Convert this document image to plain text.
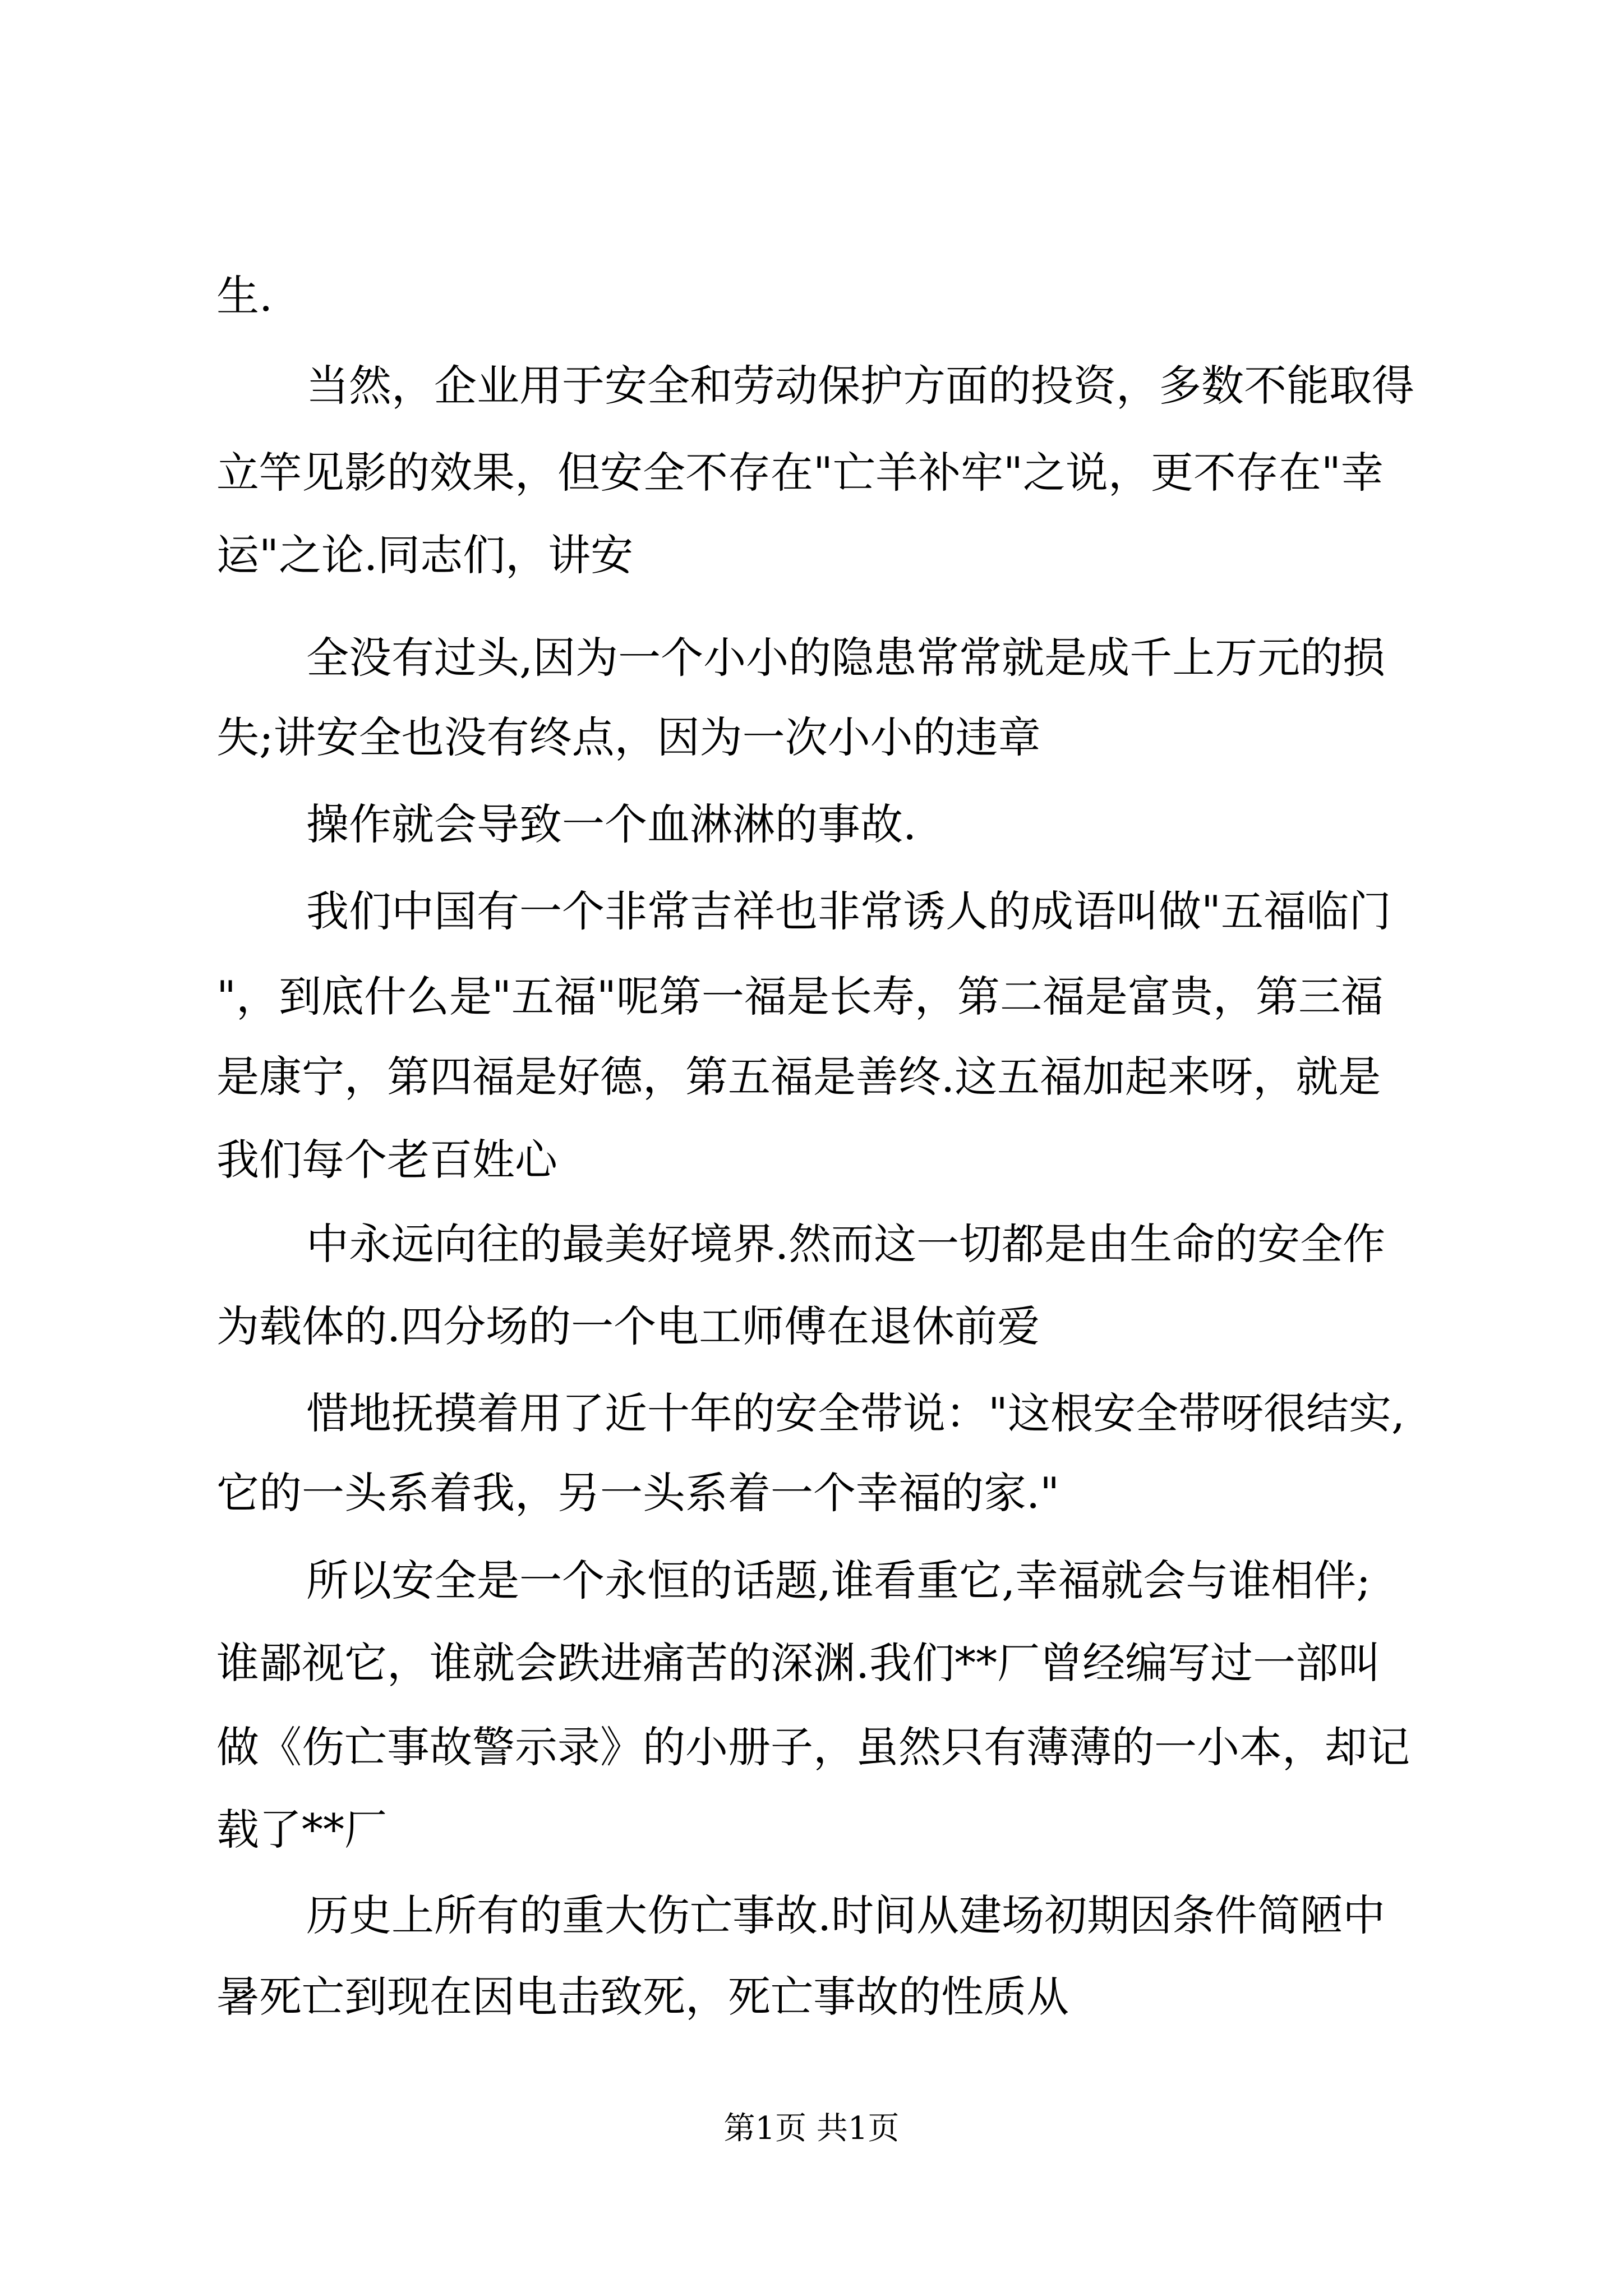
生.
当然，企业用于安全和劳动保护方面的投资，多数不能取得
立竿见影的效果，但安全不存在"亡羊补牢"之说，更不存在"幸
运"之论.同志们，讲安
全没有过头,因为一个小小的隐患常常就是成千上万元的损
失;讲安全也没有终点，因为一次小小的违章
操作就会导致一个血淋淋的事故.
我们中国有一个非常吉祥也非常诱人的成语叫做"五福临门
"，到底什么是"五福"呢第一福是长寿，第二福是富贵，第三福
是康宁，第四福是好德，第五福是善终.这五福加起来呀，就是
我们每个老百姓心
中永远向往的最美好境界.然而这一切都是由生命的安全作
为载体的.四分场的一个电工师傅在退休前爱
惜地抚摸着用了近十年的安全带说："这根安全带呀很结实,
它的一头系着我，另一头系着一个幸福的家."
所以安全是一个永恒的话题,谁看重它,幸福就会与谁相伴;
谁鄙视它，谁就会跌进痛苦的深渊.我们**厂曾经编写过一部叫
做《伤亡事故警示录》的小册子，虽然只有薄薄的一小本，却记
载了**厂
历史上所有的重大伤亡事故.时间从建场初期因条件简陋中
暑死亡到现在因电击致死，死亡事故的性质从
第1页 共1页
